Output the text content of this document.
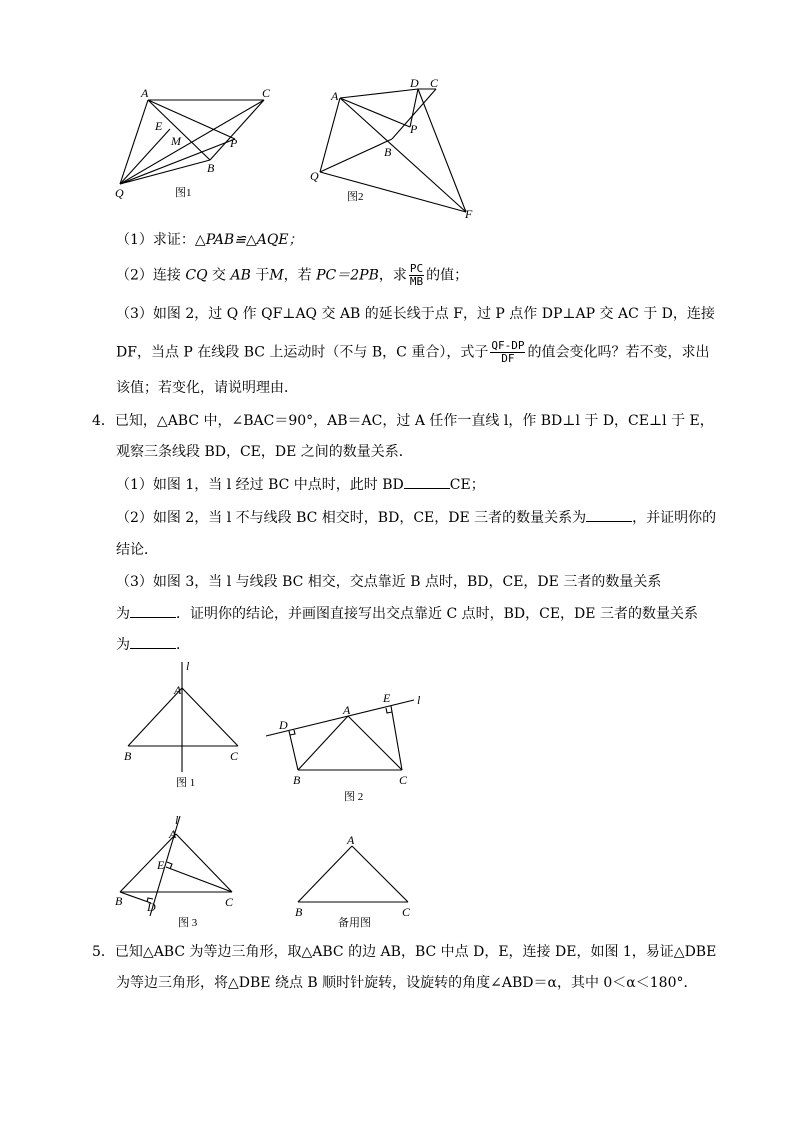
A	C
E
M	P
B
Q	图1
A
D C
P
B
Q
F
图2
（1）求证：△PAB≌△AQE；
（2）连接 CQ 交 AB 于M，若 PC＝2PB，求 $\frac{PC}{MB}$ 的值；
（3）如图 2，过 Q 作 QF⊥AQ 交 AB 的延长线于点 F，过 P 点作 DP⊥AP 交 AC 于 D，连接
DF，当点 P 在线段 BC 上运动时（不与 B，C 重合），式子 $\frac{QF-DP}{DF}$ 的值会变化吗？若不变，求出
该值；若变化，请说明理由．
4．已知，△ABC 中，∠BAC＝90°，AB＝AC，过 A 任作一直线 l，作 BD⊥l 于 D，CE⊥l 于 E，
观察三条线段 BD，CE，DE 之间的数量关系．
（1）如图 1，当 l 经过 BC 中点时，此时 BD	CE；
（2）如图 2，当 l 不与线段 BC 相交时，BD，CE，DE 三者的数量关系为	，并证明你的
结论．
（3）如图 3，当 l 与线段 BC 相交，交点靠近 B 点时，BD，CE，DE 三者的数量关系
为	．证明你的结论，并画图直接写出交点靠近 C 点时，BD，CE，DE 三者的数量关系
为	．
l
A
B	C
图 1
D
A
E l
B	C
图 2
l
A
E
B D	C
图 3
A
B	C
备用图
5．已知△ABC 为等边三角形，取△ABC 的边 AB，BC 中点 D，E，连接 DE，如图 1，易证△DBE
为等边三角形，将△DBE 绕点 B 顺时针旋转，设旋转的角度∠ABD＝α，其中 0＜α＜180°．
